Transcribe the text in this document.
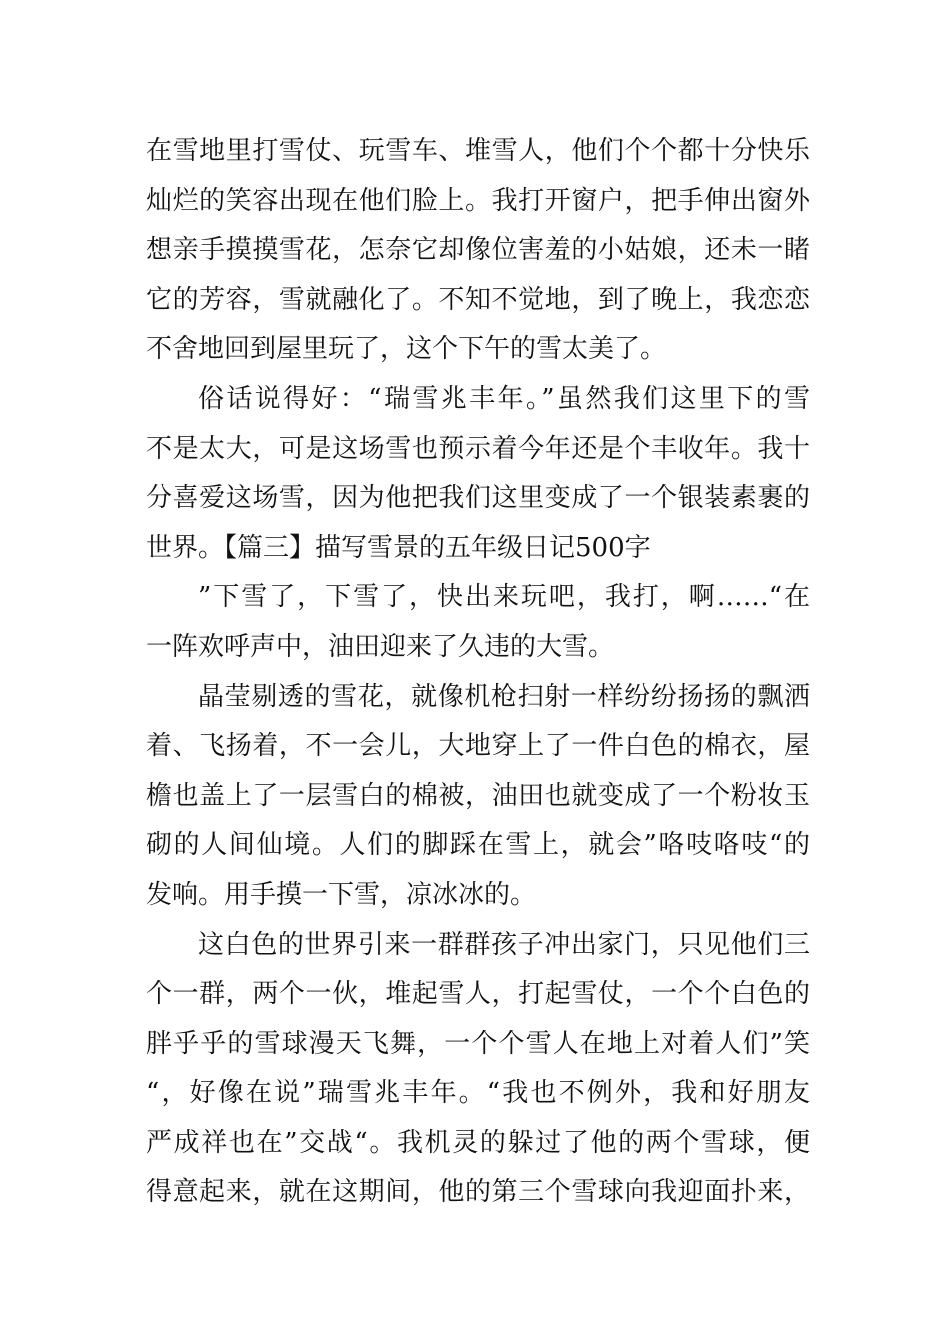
在雪地里打雪仗、玩雪车、堆雪人，他们个个都十分快乐
灿烂的笑容出现在他们脸上。我打开窗户，把手伸出窗外
想亲手摸摸雪花，怎奈它却像位害羞的小姑娘，还未一睹
它的芳容，雪就融化了。不知不觉地，到了晚上，我恋恋
不舍地回到屋里玩了，这个下午的雪太美了。
俗话说得好：“瑞雪兆丰年。”虽然我们这里下的雪
不是太大，可是这场雪也预示着今年还是个丰收年。我十
分喜爱这场雪，因为他把我们这里变成了一个银装素裹的
世界。【篇三】描写雪景的五年级日记500字
”下雪了，下雪了，快出来玩吧，我打，啊……“在
一阵欢呼声中，油田迎来了久违的大雪。
晶莹剔透的雪花，就像机枪扫射一样纷纷扬扬的飘洒
着、飞扬着，不一会儿，大地穿上了一件白色的棉衣，屋
檐也盖上了一层雪白的棉被，油田也就变成了一个粉妆玉
砌的人间仙境。人们的脚踩在雪上，就会”咯吱咯吱“的
发响。用手摸一下雪，凉冰冰的。
这白色的世界引来一群群孩子冲出家门，只见他们三
个一群，两个一伙，堆起雪人，打起雪仗，一个个白色的
胖乎乎的雪球漫天飞舞，一个个雪人在地上对着人们”笑
“，好像在说”瑞雪兆丰年。“我也不例外，我和好朋友
严成祥也在”交战“。我机灵的躲过了他的两个雪球，便
得意起来，就在这期间，他的第三个雪球向我迎面扑来，
